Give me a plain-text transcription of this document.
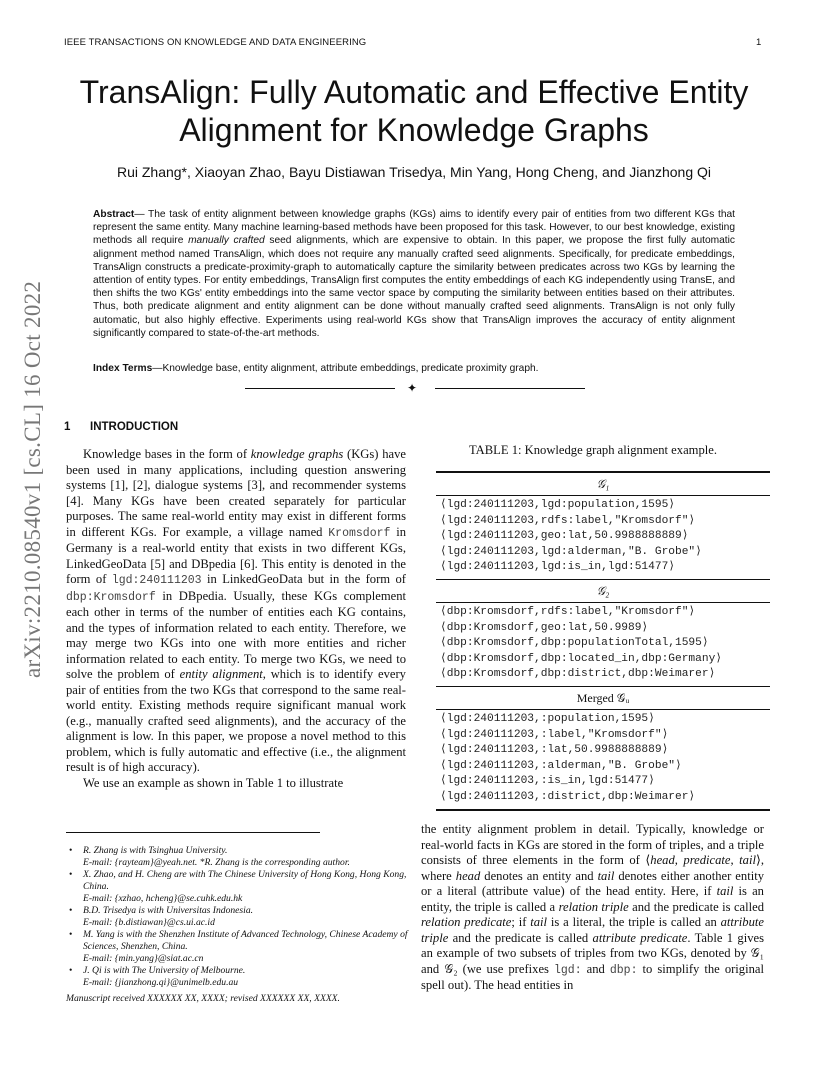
IEEE TRANSACTIONS ON KNOWLEDGE AND DATA ENGINEERING	1
arXiv:2210.08540v1 [cs.CL] 16 Oct 2022
TransAlign: Fully Automatic and Effective Entity Alignment for Knowledge Graphs
Rui Zhang*, Xiaoyan Zhao, Bayu Distiawan Trisedya, Min Yang, Hong Cheng, and Jianzhong Qi
Abstract— The task of entity alignment between knowledge graphs (KGs) aims to identify every pair of entities from two different KGs that represent the same entity. Many machine learning-based methods have been proposed for this task. However, to our best knowledge, existing methods all require manually crafted seed alignments, which are expensive to obtain. In this paper, we propose the first fully automatic alignment method named TransAlign, which does not require any manually crafted seed alignments. Specifically, for predicate embeddings, TransAlign constructs a predicate-proximity-graph to automatically capture the similarity between predicates across two KGs by learning the attention of entity types. For entity embeddings, TransAlign first computes the entity embeddings of each KG independently using TransE, and then shifts the two KGs' entity embeddings into the same vector space by computing the similarity between entities based on their attributes. Thus, both predicate alignment and entity alignment can be done without manually crafted seed alignments. TransAlign is not only fully automatic, but also highly effective. Experiments using real-world KGs show that TransAlign improves the accuracy of entity alignment significantly compared to state-of-the-art methods.
Index Terms—Knowledge base, entity alignment, attribute embeddings, predicate proximity graph.
✦
1 INTRODUCTION

Knowledge bases in the form of knowledge graphs (KGs) have been used in many applications, including question answering systems [1], [2], dialogue systems [3], and recommender systems [4]. Many KGs have been created separately for particular purposes. The same real-world entity may exist in different forms in different KGs. For example, a village named Kromsdorf in Germany is a real-world entity that exists in two different KGs, LinkedGeoData [5] and DBpedia [6]. This entity is denoted in the form of lgd:240111203 in LinkedGeoData but in the form of dbp:Kromsdorf in DBpedia. Usually, these KGs complement each other in terms of the number of entities each KG contains, and the types of information related to each entity. Therefore, we may merge two KGs into one with more entities and richer information related to each entity. To merge two KGs, we need to solve the problem of entity alignment, which is to identify every pair of entities from the two KGs that correspond to the same real-world entity. Existing methods require significant manual work (e.g., manually crafted seed alignments), and the accuracy of the alignment is low. In this paper, we propose a novel method to this problem, which is fully automatic and effective (i.e., the alignment result is of high accuracy).

We use an example as shown in Table 1 to illustrate

• R. Zhang is with Tsinghua University.
E-mail: {rayteam}@yeah.net. *R. Zhang is the corresponding author.
• X. Zhao, and H. Cheng are with The Chinese University of Hong Kong, Hong Kong, China.
E-mail: {xzhao, hcheng}@se.cuhk.edu.hk
• B.D. Trisedya is with Universitas Indonesia.
E-mail: {b.distiawan}@cs.ui.ac.id
• M. Yang is with the Shenzhen Institute of Advanced Technology, Chinese Academy of Sciences, Shenzhen, China.
E-mail: {min.yang}@siat.ac.cn
• J. Qi is with The University of Melbourne.
E-mail: {jianzhong.qi}@unimelb.edu.au
Manuscript received XXXXXX XX, XXXX; revised XXXXXX XX, XXXX.
TABLE 1: Knowledge graph alignment example.
𝒢₁
⟨lgd:240111203,lgd:population,1595⟩
⟨lgd:240111203,rdfs:label,"Kromsdorf"⟩
⟨lgd:240111203,geo:lat,50.9988888889⟩
⟨lgd:240111203,lgd:alderman,"B. Grobe"⟩
⟨lgd:240111203,lgd:is_in,lgd:51477⟩
𝒢₂
⟨dbp:Kromsdorf,rdfs:label,"Kromsdorf"⟩
⟨dbp:Kromsdorf,geo:lat,50.9989⟩
⟨dbp:Kromsdorf,dbp:populationTotal,1595⟩
⟨dbp:Kromsdorf,dbp:located_in,dbp:Germany⟩
⟨dbp:Kromsdorf,dbp:district,dbp:Weimarer⟩
Merged 𝒢ᵤ
⟨lgd:240111203,:population,1595⟩
⟨lgd:240111203,:label,"Kromsdorf"⟩
⟨lgd:240111203,:lat,50.9988888889⟩
⟨lgd:240111203,:alderman,"B. Grobe"⟩
⟨lgd:240111203,:is_in,lgd:51477⟩
⟨lgd:240111203,:district,dbp:Weimarer⟩
the entity alignment problem in detail. Typically, knowledge or real-world facts in KGs are stored in the form of triples, and a triple consists of three elements in the form of ⟨head, predicate, tail⟩, where head denotes an entity and tail denotes either another entity or a literal (attribute value) of the head entity. Here, if tail is an entity, the triple is called a relation triple and the predicate is called relation predicate; if tail is a literal, the triple is called an attribute triple and the predicate is called attribute predicate. Table 1 gives an example of two subsets of triples from two KGs, denoted by 𝒢₁ and 𝒢₂ (we use prefixes lgd: and dbp: to simplify the original spell out). The head entities in
